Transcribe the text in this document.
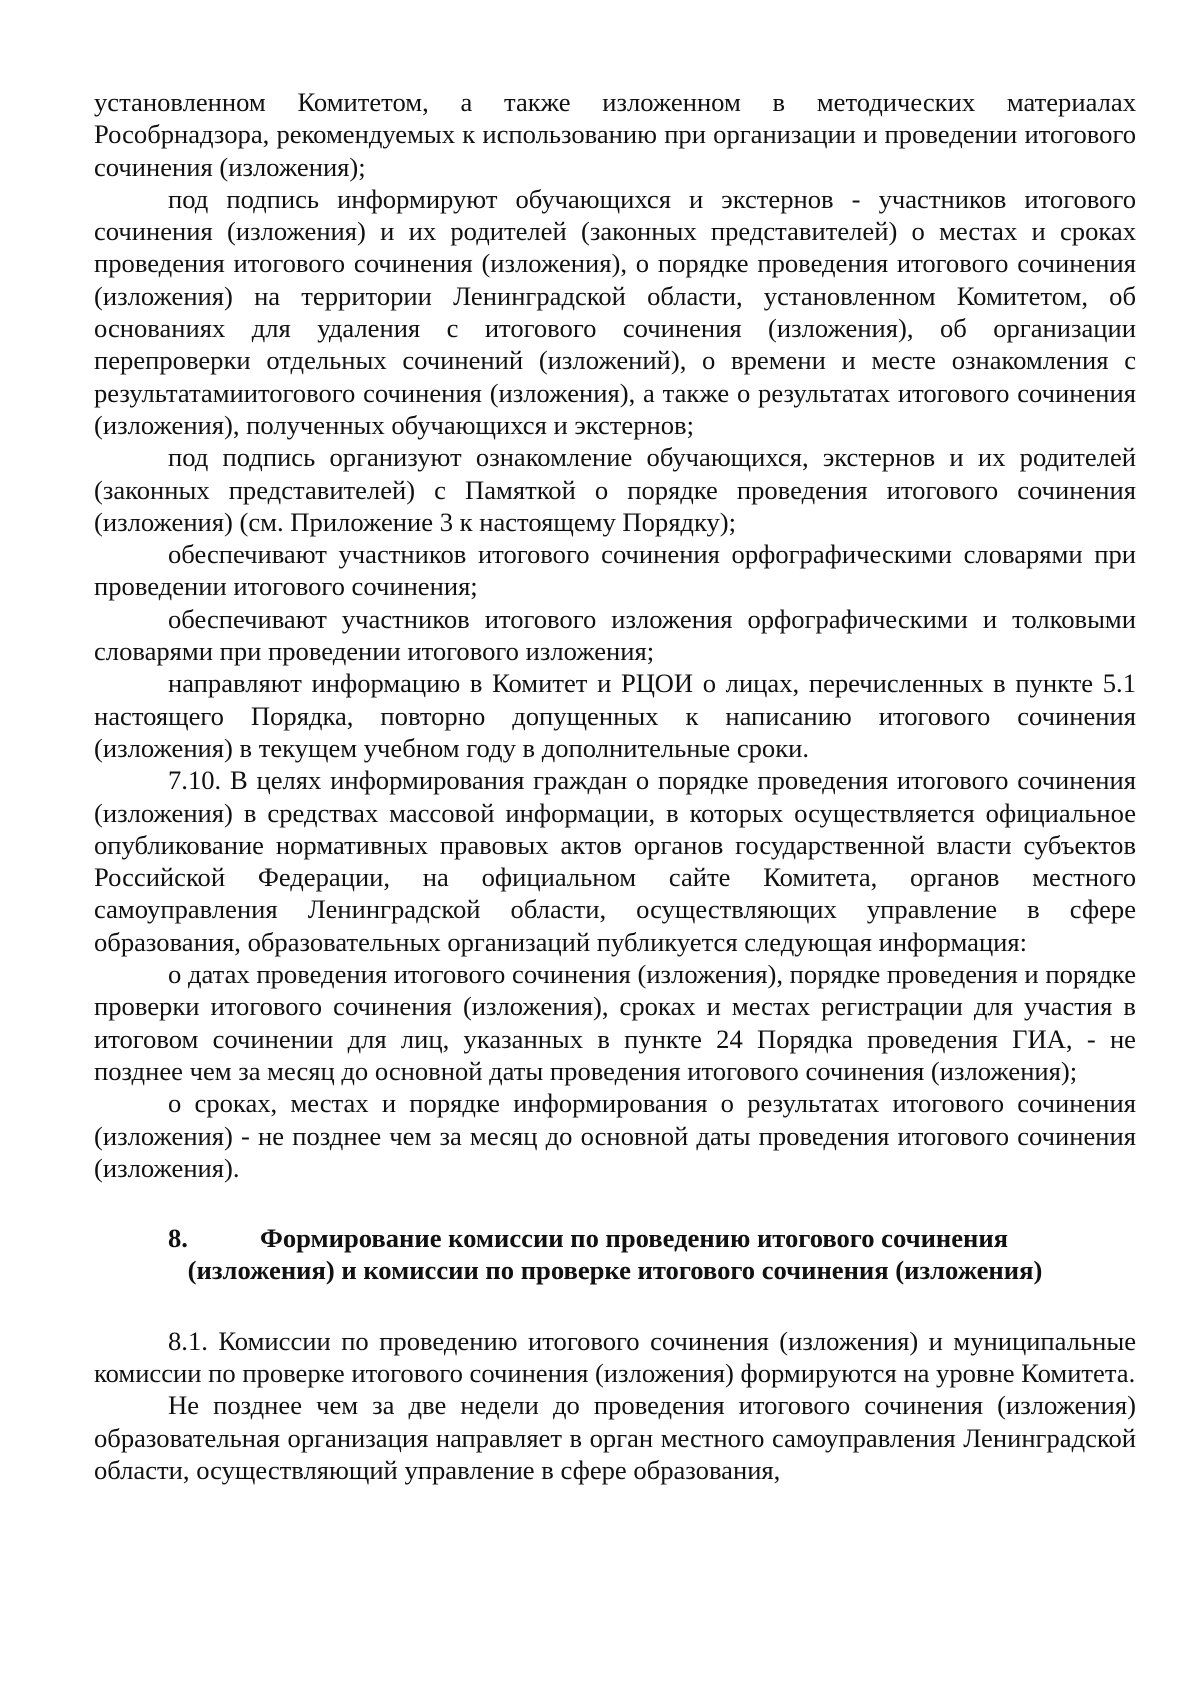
установленном Комитетом, а также изложенном в методических материалах Рособрнадзора, рекомендуемых к использованию при организации и проведении итогового сочинения (изложения);

под подпись информируют обучающихся и экстернов - участников итогового сочинения (изложения) и их родителей (законных представителей) о местах и сроках проведения итогового сочинения (изложения), о порядке проведения итогового сочинения (изложения) на территории Ленинградской области, установленном Комитетом, об основаниях для удаления с итогового сочинения (изложения), об организации перепроверки отдельных сочинений (изложений), о времени и месте ознакомления с результатамиитогового сочинения (изложения), а также о результатах итогового сочинения (изложения), полученных обучающихся и экстернов;

под подпись организуют ознакомление обучающихся, экстернов и их родителей (законных представителей) с Памяткой о порядке проведения итогового сочинения (изложения) (см. Приложение 3 к настоящему Порядку);

обеспечивают участников итогового сочинения орфографическими словарями при проведении итогового сочинения;

обеспечивают участников итогового изложения орфографическими и толковыми словарями при проведении итогового изложения;

направляют информацию в Комитет и РЦОИ о лицах, перечисленных в пункте 5.1 настоящего Порядка, повторно допущенных к написанию итогового сочинения (изложения) в текущем учебном году в дополнительные сроки.

7.10. В целях информирования граждан о порядке проведения итогового сочинения (изложения) в средствах массовой информации, в которых осуществляется официальное опубликование нормативных правовых актов органов государственной власти субъектов Российской Федерации, на официальном сайте Комитета, органов местного самоуправления Ленинградской области, осуществляющих управление в сфере образования, образовательных организаций публикуется следующая информация:

о датах проведения итогового сочинения (изложения), порядке проведения и порядке проверки итогового сочинения (изложения), сроках и местах регистрации для участия в итоговом сочинении для лиц, указанных в пункте 24 Порядка проведения ГИА, - не позднее чем за месяц до основной даты проведения итогового сочинения (изложения);

о сроках, местах и порядке информирования о результатах итогового сочинения (изложения) - не позднее чем за месяц до основной даты проведения итогового сочинения (изложения).

8.	Формирование комиссии по проведению итогового сочинения
(изложения) и комиссии по проверке итогового сочинения (изложения)

8.1. Комиссии по проведению итогового сочинения (изложения) и муниципальные комиссии по проверке итогового сочинения (изложения) формируются на уровне Комитета.

Не позднее чем за две недели до проведения итогового сочинения (изложения) образовательная организация направляет в орган местного самоуправления Ленинградской области, осуществляющий управление в сфере образования,
